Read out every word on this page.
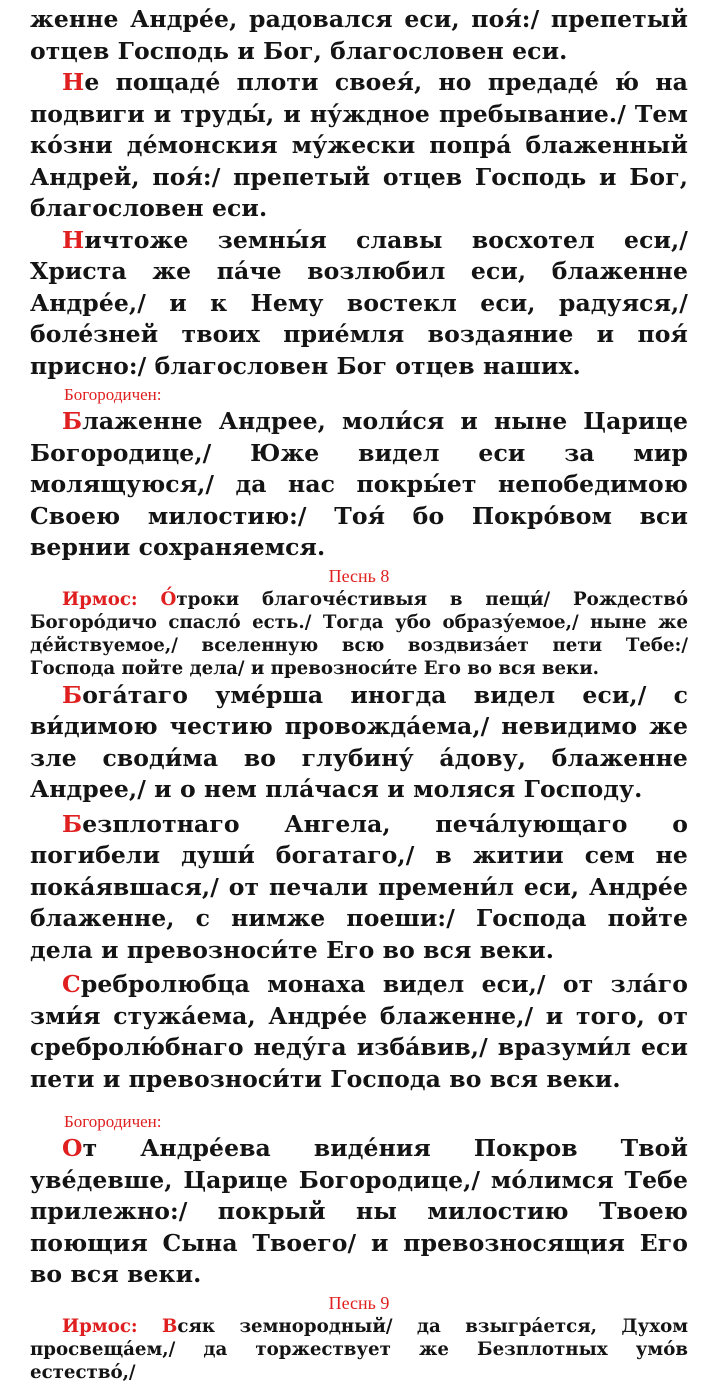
женне Андре́е, радовался еси, поя́:/ препетый отцев Господь и Бог, благословен еси.

Не пощаде́ плоти своея́, но предаде́ ю́ на подвиги и труды́, и ну́ждное пребывание./ Тем ко́зни де́монския му́жески попра́ блаженный Андрей, поя́:/ препетый отцев Господь и Бог, благословен еси.

Ничтоже земны́я славы восхотел еси,/ Христа же па́че возлюбил еси, блаженне Андре́е,/ и к Нему востекл еси, радуяся,/ боле́зней твоих прие́мля воздаяние и поя́ присно:/ благословен Бог отцев наших.

Богородичен:

Блаженне Андрее, моли́ся и ныне Царице Богородице,/ Юже видел еси за мир молящуюся,/ да нас покры́ет непобедимою Своею милостию:/ Тоя́ бо Покро́вом вси вернии сохраняемся.

Песнь 8

Ирмос: О́троки благоче́стивыя в пещи́/ Рождество́ Богоро́дичо спасло́ есть./ Тогда убо образу́емое,/ ныне же де́йствуемое,/ вселенную всю воздвиза́ет пети Тебе:/ Господа пойте дела/ и превозноси́те Его во вся веки.

Бога́таго уме́рша иногда видел еси,/ с ви́димою честию провожда́ема,/ невидимо же зле своди́ма во глубину́ а́дову, блаженне Андрее,/ и о нем пла́чася и моляся Господу.

Безплотнаго Ангела, печа́лующаго о погибели души́ богатаго,/ в житии сем не пока́явшася,/ от печали премени́л еси, Андре́е блаженне, с нимже поеши:/ Господа пойте дела и превозноси́те Его во вся веки.

Сребролюбца монаха видел еси,/ от зла́го зми́я стужа́ема, Андре́е блаженне,/ и того, от сребролю́бнаго неду́га изба́вив,/ вразуми́л еси пети и превозноси́ти Господа во вся веки.

Богородичен:

От Андре́ева виде́ния Покров Твой уве́девше, Царице Богородице,/ мо́лимся Тебе прилежно:/ покрый ны милостию Твоею поющия Сына Твоего/ и превозносящия Его во вся веки.

Песнь 9

Ирмос: Всяк земнородный/ да взыгра́ется, Духом просвеща́ем,/ да торжествует же Безплотных умо́в естество́,/
